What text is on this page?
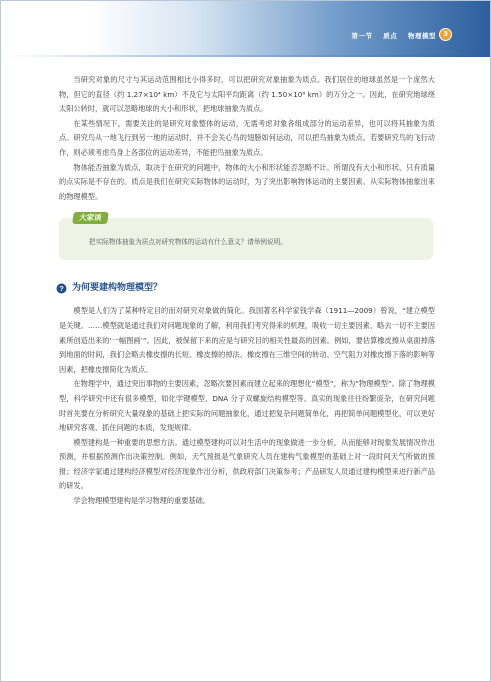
第一节 质点 物理模型	3

当研究对象的尺寸与其运动范围相比小得多时，可以把研究对象抽象为质点。我们居住的地球虽然是一个庞然大物，但它的直径（约 1.27×10⁴ km）不及它与太阳平均距离（约 1.50×10⁸ km）的万分之一。因此，在研究地球绕太阳公转时，就可以忽略地球的大小和形状，把地球抽象为质点。

在某些情况下，需要关注的是研究对象整体的运动，无需考虑对象各组成部分的运动差异，也可以将其抽象为质点。研究鸟从一地飞行到另一地的运动时，并不会关心鸟的翅膀如何运动，可以把鸟抽象为质点。若要研究鸟的飞行动作，则必须考虑鸟身上各部位的运动差异，不能把鸟抽象为质点。

物体能否抽象为质点，取决于在研究的问题中，物体的大小和形状能否忽略不计。所谓没有大小和形状、只有质量的点实际是不存在的。质点是我们在研究实际物体的运动时，为了突出影响物体运动的主要因素、从实际物体抽象出来的物理模型。

大家谈
把实际物体抽象为质点对研究物体的运动有什么意义？请举例说明。
? 为何要建构物理模型？

模型是人们为了某种特定目的而对研究对象做的简化。我国著名科学家钱学森（1911—2009）曾说，“建立模型是关键。……模型就是通过我们对问题现象的了解，利用我们考究得来的机理，吸收一切主要因素、略去一切不主要因素所创造出来的‘一幅图画’”。因此，被保留下来的应是与研究目的相关性最高的因素。例如，要估算橡皮擦从桌面掉落到地面的时间，我们会略去橡皮擦的长短、橡皮擦的掉法、橡皮擦在三维空间的转动、空气阻力对橡皮擦下落的影响等因素，把橡皮擦简化为质点。

在物理学中，通过突出事物的主要因素，忽略次要因素而建立起来的理想化“模型”，称为“物理模型”。除了物理模型，科学研究中还有很多模型，如化学键模型、DNA 分子双螺旋结构模型等。真实的现象往往纷繁庞杂，在研究问题时首先要在分析研究大量现象的基础上把实际的问题抽象化，通过把复杂问题简单化，再把简单问题模型化，可以更好地研究客观、抓住问题的本质，发现规律。

模型建构是一种重要的思想方法。通过模型建构可以对生活中的现象做进一步分析，从而能够对现象发展情况作出预测，并根据预测作出决策控制。例如，天气预报是气象研究人员在建构气象模型的基础上对一段时间天气所做的预报；经济学家通过建构经济模型对经济现象作出分析，供政府部门决策参考；产品研发人员通过建构模型来进行新产品的研发。

学会物理模型建构是学习物理的重要基础。
